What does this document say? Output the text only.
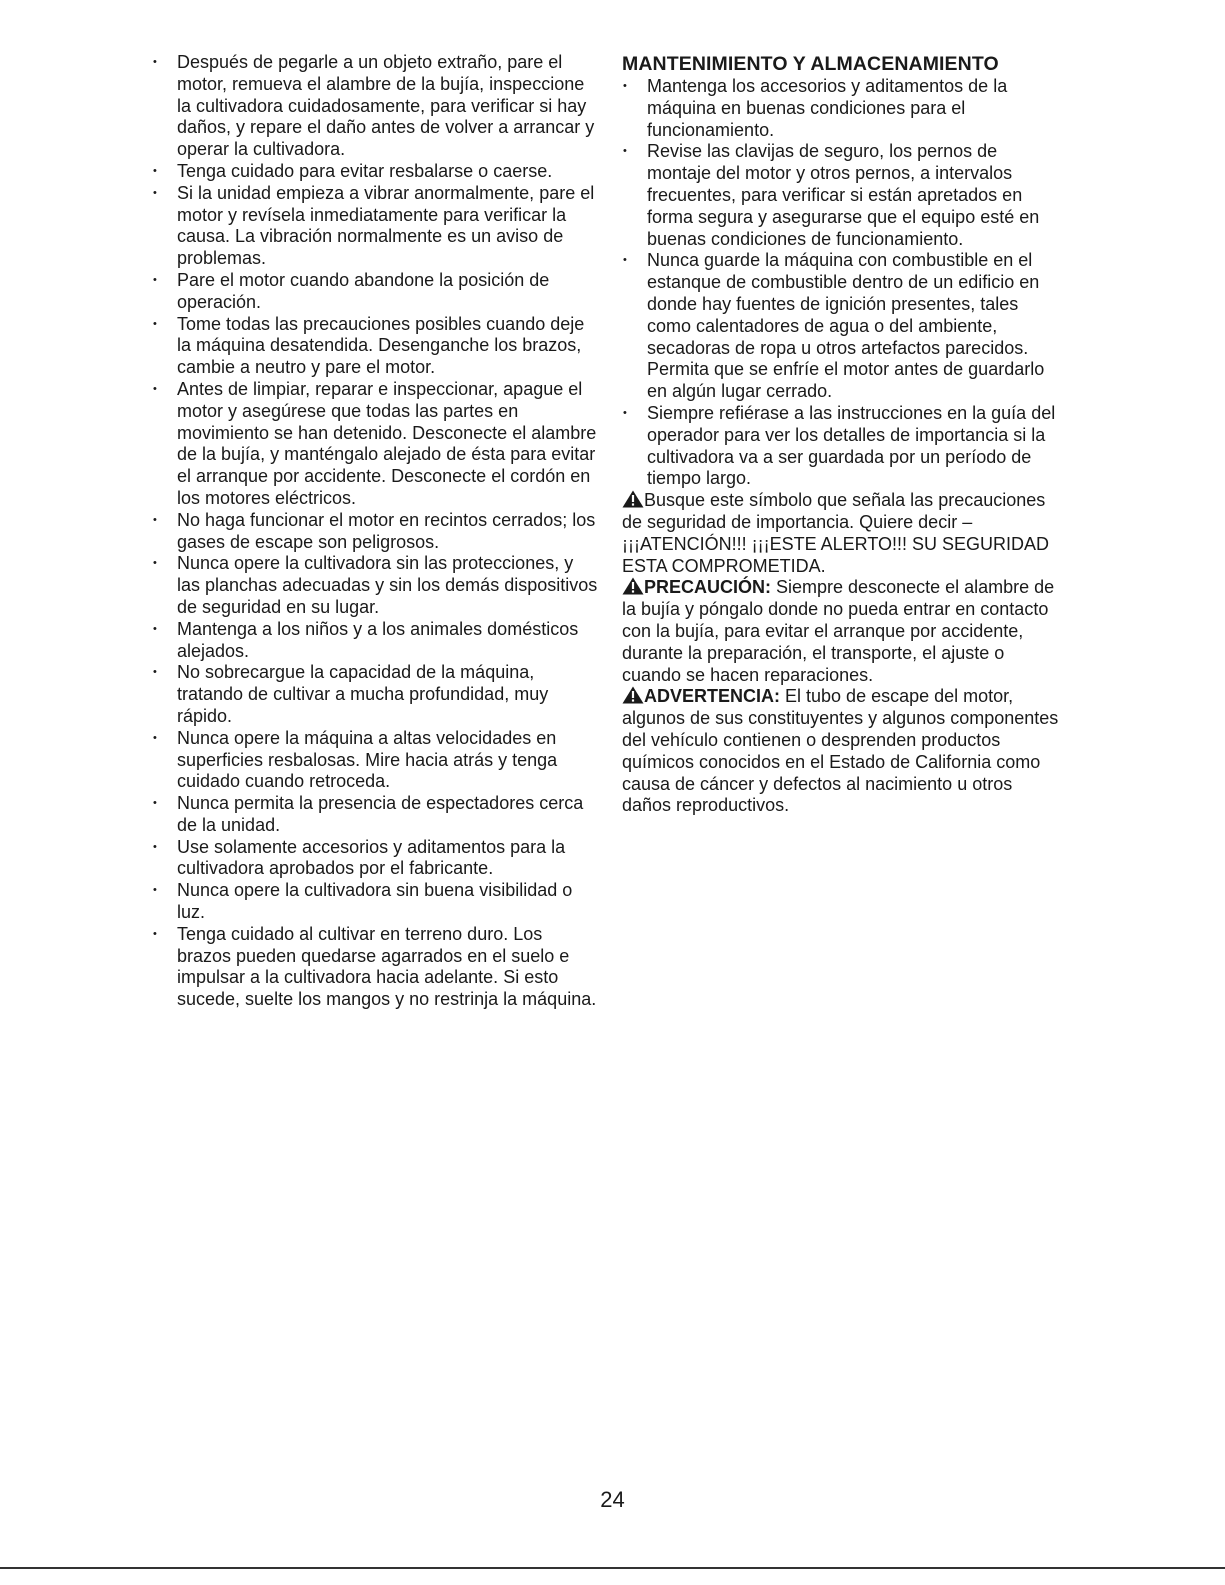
• Después de pegarle a un objeto extraño, pare el motor, remueva el alambre de la bujía, inspeccione la cultivadora cuidadosamente, para verificar si hay daños, y repare el daño antes de volver a arrancar y operar la cultivadora.
• Tenga cuidado para evitar resbalarse o caerse.
• Si la unidad empieza a vibrar anormalmente, pare el motor y revísela inmediatamente para verificar la causa. La vibración normalmente es un aviso de problemas.
• Pare el motor cuando abandone la posición de operación.
• Tome todas las precauciones posibles cuando deje la máquina desatendida. Desenganche los brazos, cambie a neutro y pare el motor.
• Antes de limpiar, reparar e inspeccionar, apague el motor y asegúrese que todas las partes en movimiento se han detenido. Desconecte el alambre de la bujía, y manténgalo alejado de ésta para evitar el arranque por accidente. Desconecte el cordón en los motores eléctricos.
• No haga funcionar el motor en recintos cerrados; los gases de escape son peligrosos.
• Nunca opere la cultivadora sin las protecciones, y las planchas adecuadas y sin los demás dispositivos de seguridad en su lugar.
• Mantenga a los niños y a los animales domésticos alejados.
• No sobrecargue la capacidad de la máquina, tratando de cultivar a mucha profundidad, muy rápido.
• Nunca opere la máquina a altas velocidades en superficies resbalosas. Mire hacia atrás y tenga cuidado cuando retroceda.
• Nunca permita la presencia de espectadores cerca de la unidad.
• Use solamente accesorios y aditamentos para la cultivadora aprobados por el fabricante.
• Nunca opere la cultivadora sin buena visibilidad o luz.
• Tenga cuidado al cultivar en terreno duro. Los brazos pueden quedarse agarrados en el suelo e impulsar a la cultivadora hacia adelante. Si esto sucede, suelte los mangos y no restrinja la máquina.
MANTENIMIENTO Y ALMACENAMIENTO
• Mantenga los accesorios y aditamentos de la máquina en buenas condiciones para el funcionamiento.
• Revise las clavijas de seguro, los pernos de montaje del motor y otros pernos, a intervalos frecuentes, para verificar si están apretados en forma segura y asegurarse que el equipo esté en buenas condiciones de funcionamiento.
• Nunca guarde la máquina con combustible en el estanque de combustible dentro de un edificio en donde hay fuentes de ignición presentes, tales como calentadores de agua o del ambiente, secadoras de ropa u otros artefactos parecidos. Permita que se enfríe el motor antes de guardarlo en algún lugar cerrado.
• Siempre refiérase a las instrucciones en la guía del operador para ver los detalles de importancia si la cultivadora va a ser guardada por un período de tiempo largo.

Busque este símbolo que señala las precauciones de seguridad de importancia. Quiere decir – ¡¡¡ATENCIÓN!!! ¡¡¡ESTE ALERTO!!! SU SEGURIDAD ESTA COMPROMETIDA.

PRECAUCIÓN: Siempre desconecte el alambre de la bujía y póngalo donde no pueda entrar en contacto con la bujía, para evitar el arranque por accidente, durante la preparación, el transporte, el ajuste o cuando se hacen reparaciones.

ADVERTENCIA: El tubo de escape del motor, algunos de sus constituyentes y algunos componentes del vehículo contienen o desprenden productos químicos conocidos en el Estado de California como causa de cáncer y defectos al nacimiento u otros daños reproductivos.

24
